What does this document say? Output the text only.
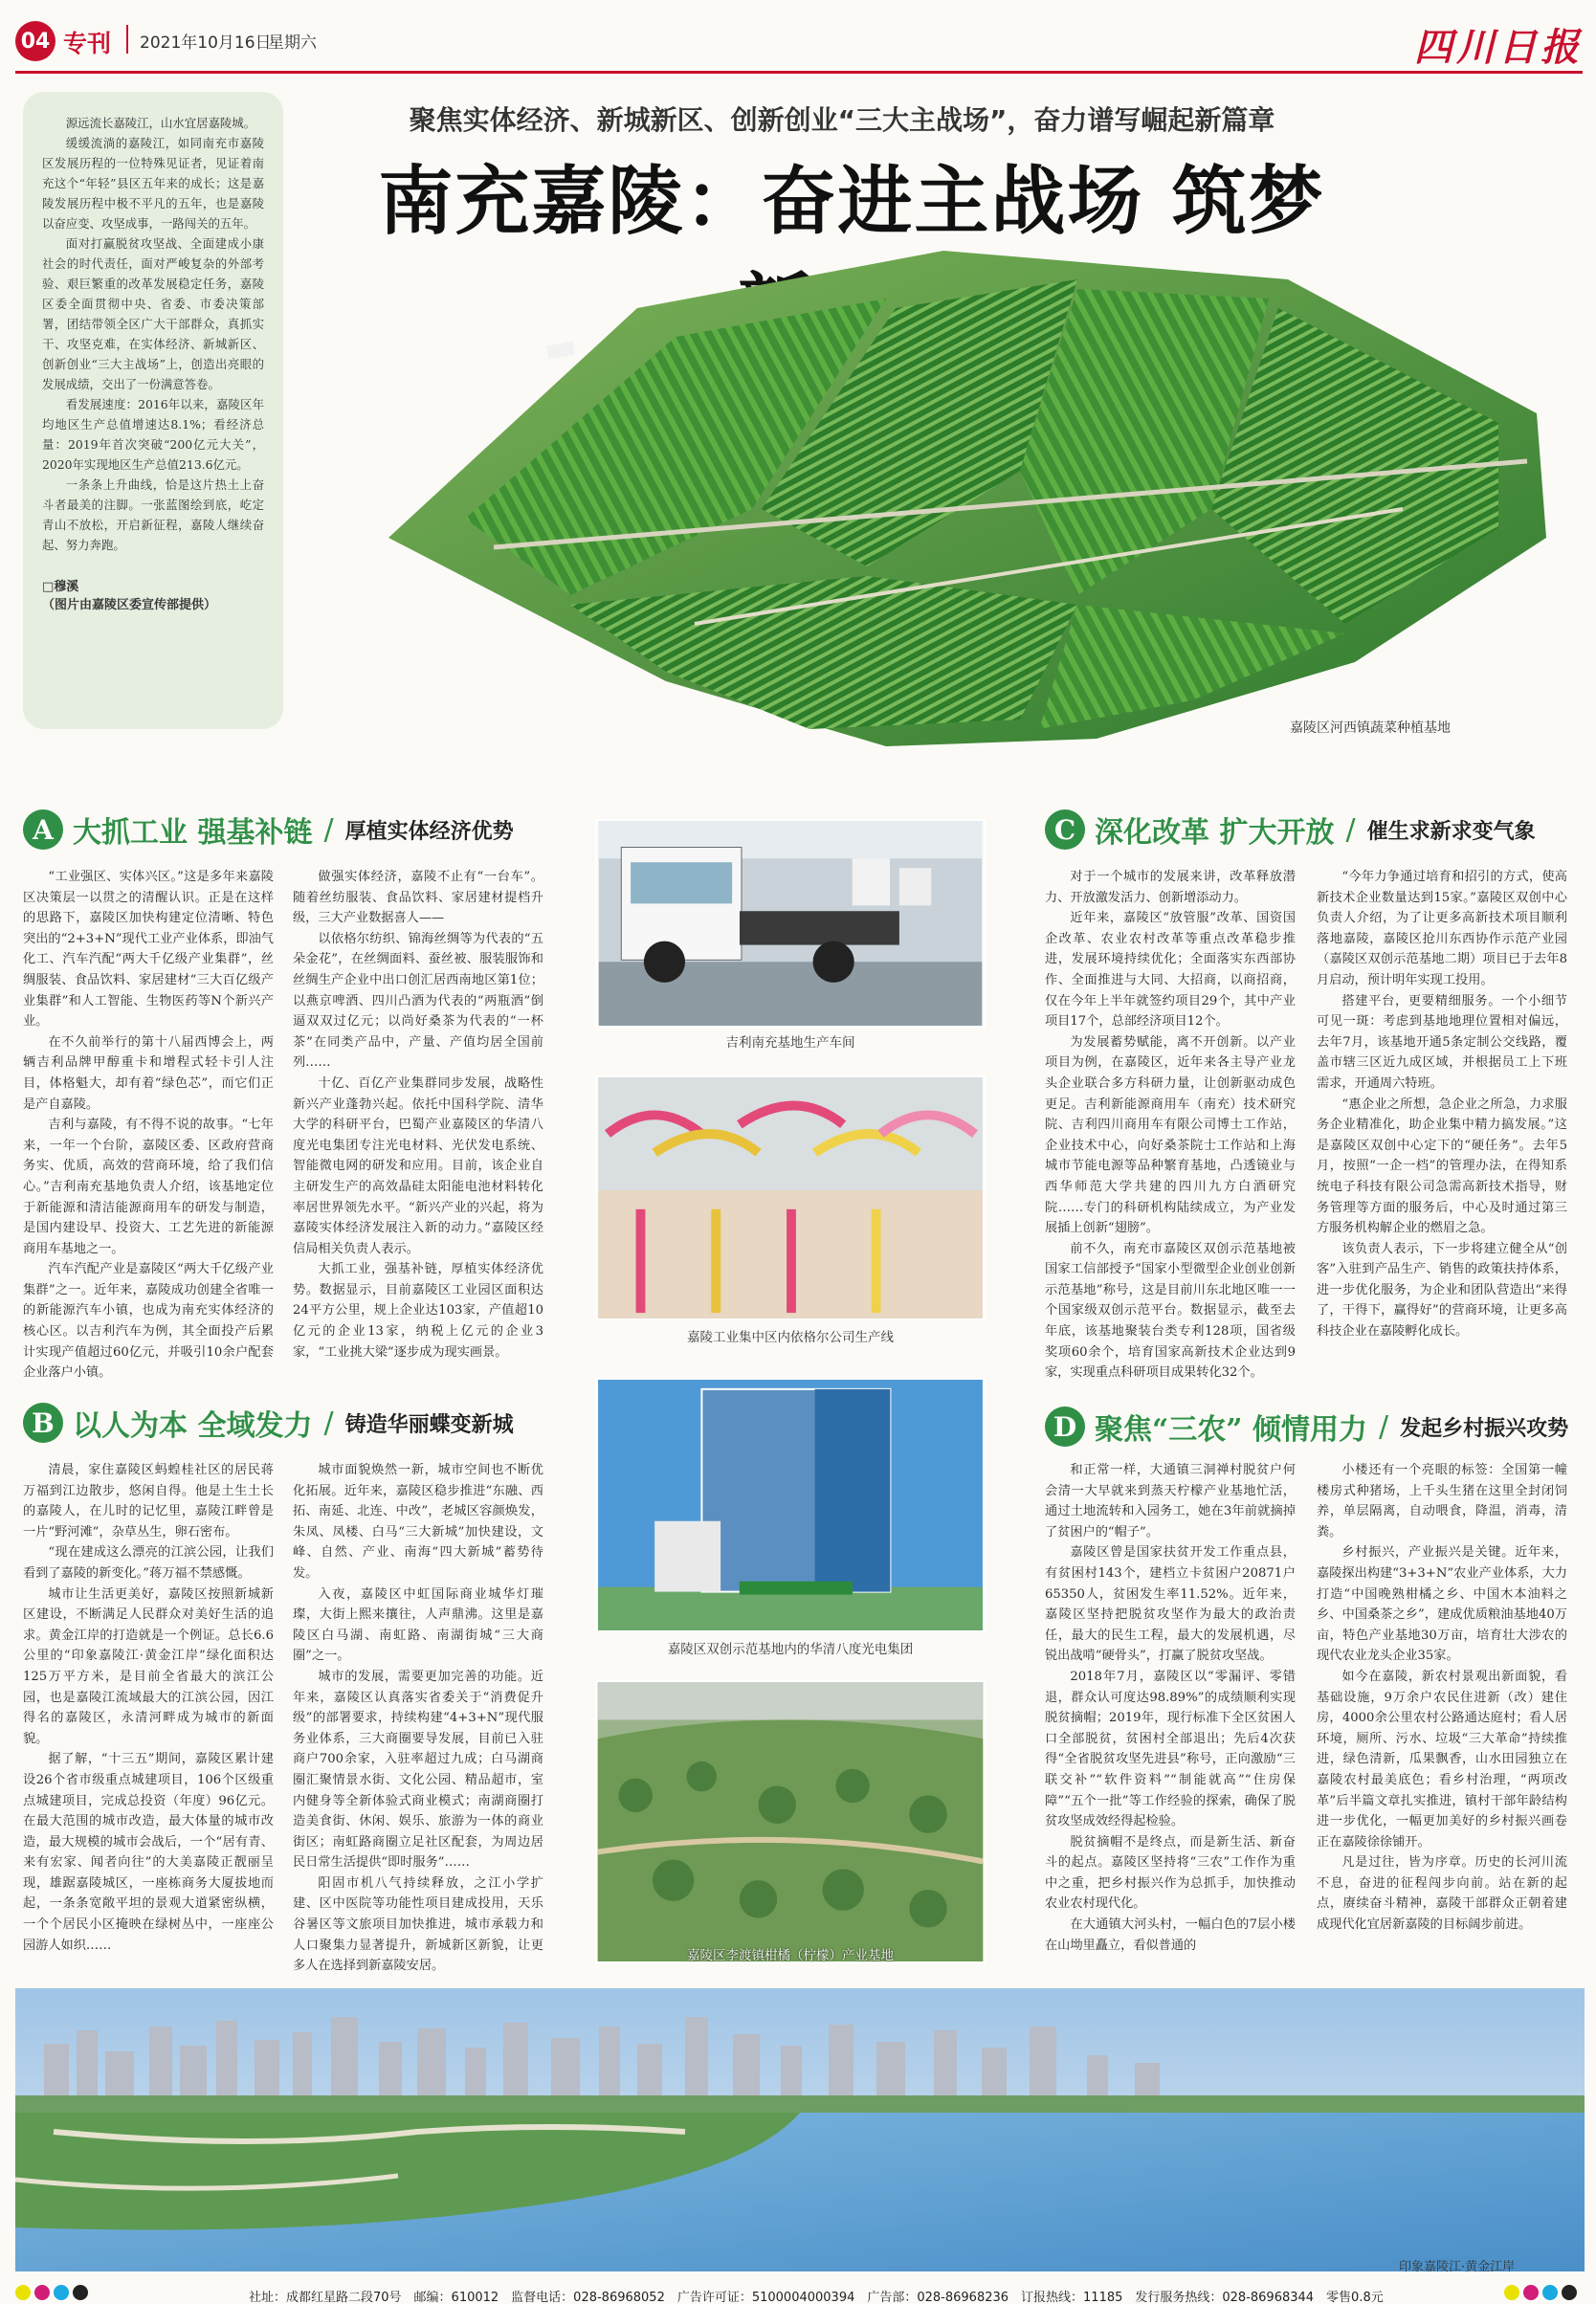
04 专刊 2021年10月16日
星期六	四川日报

源远流长嘉陵江，山水宜居嘉陵城。

缓缓流淌的嘉陵江，如同南充市嘉陵区发展历程的一位特殊见证者，见证着南充这个“年轻”县区五年来的成长；这是嘉陵发展历程中极不平凡的五年，也是嘉陵以奋应变、攻坚成事，一路闯关的五年。

面对打赢脱贫攻坚战、全面建成小康社会的时代责任，面对严峻复杂的外部考验、艰巨繁重的改革发展稳定任务，嘉陵区委全面贯彻中央、省委、市委决策部署，团结带领全区广大干部群众，真抓实干、攻坚克难，在实体经济、新城新区、创新创业“三大主战场”上，创造出亮眼的发展成绩，交出了一份满意答卷。

看发展速度：2016年以来，嘉陵区年均地区生产总值增速达8.1%；看经济总量：2019年首次突破“200亿元大关”，2020年实现地区生产总值213.6亿元。

一条条上升曲线，恰是这片热土上奋斗者最美的注脚。一张蓝图绘到底，屹定青山不放松，开启新征程，嘉陵人继续奋起、努力奔跑。

□穆溪
（图片由嘉陵区委宣传部提供）
聚焦实体经济、新城新区、创新创业“三大主战场”，奋力谱写崛起新篇章
南充嘉陵：奋进主战场 筑梦
嘉陵区河西镇蔬菜种植基地
A 大抓工业 强基补链 / 厚植实体经济优势

“工业强区、实体兴区。”这是多年来嘉陵区决策层一以贯之的清醒认识。正是在这样的思路下，嘉陵区加快构建定位清晰、特色突出的“2+3+N”现代工业产业体系，即油气化工、汽车汽配“两大千亿级产业集群”，丝绸服装、食品饮料、家居建材“三大百亿级产业集群”和人工智能、生物医药等N个新兴产业。

在不久前举行的第十八届西博会上，两辆吉利品牌甲醇重卡和增程式轻卡引人注目，体格魁大，却有着“绿色芯”，而它们正是产自嘉陵。

吉利与嘉陵，有不得不说的故事。“七年来，一年一个台阶，嘉陵区委、区政府营商务实、优质，高效的营商环境，给了我们信心。”吉利南充基地负责人介绍，该基地定位于新能源和清洁能源商用车的研发与制造，是国内建设早、投资大、工艺先进的新能源商用车基地之一。

汽车汽配产业是嘉陵区“两大千亿级产业集群”之一。近年来，嘉陵成功创建全省唯一的新能源汽车小镇，也成为南充实体经济的核心区。以吉利汽车为例，其全面投产后累计实现产值超过60亿元，并吸引10余户配套企业落户小镇。

做强实体经济，嘉陵不止有“一台车”。随着丝纺服装、食品饮料、家居建材提档升级，三大产业数据喜人——

以依格尔纺织、锦海丝绸等为代表的“五朵金花”，在丝绸面料、蚕丝被、服装服饰和丝绸生产企业中出口创汇居西南地区第1位；以燕京啤酒、四川凸酒为代表的“两瓶酒”倒逼双双过亿元；以尚好桑茶为代表的“一杯茶”在同类产品中，产量、产值均居全国前列……

十亿、百亿产业集群同步发展，战略性新兴产业蓬勃兴起。依托中国科学院、清华大学的科研平台，巴蜀产业嘉陵区的华清八度光电集团专注光电材料、光伏发电系统、智能微电网的研发和应用。目前，该企业自主研发生产的高效晶硅太阳能电池材料转化率居世界领先水平。“新兴产业的兴起，将为嘉陵实体经济发展注入新的动力。”嘉陵区经信局相关负责人表示。

大抓工业，强基补链，厚植实体经济优势。数据显示，目前嘉陵区工业园区面积达24平方公里，规上企业达103家，产值超10亿元的企业13家，纳税上亿元的企业3家，“工业挑大梁”逐步成为现实画景。

B 以人为本 全域发力 / 铸造华丽蝶变新城

清晨，家住嘉陵区蚂蝗桂社区的居民蒋万福到江边散步，悠闲自得。他是土生土长的嘉陵人，在儿时的记忆里，嘉陵江畔曾是一片“野河滩”，杂草丛生，卵石密布。

“现在建成这么漂亮的江滨公园，让我们看到了嘉陵的新变化。”蒋万福不禁感慨。

城市让生活更美好，嘉陵区按照新城新区建设，不断满足人民群众对美好生活的追求。黄金江岸的打造就是一个例证。总长6.6公里的“印象嘉陵江·黄金江岸”绿化面积达125万平方米，是目前全省最大的滨江公园，也是嘉陵江流域最大的江滨公园，因江得名的嘉陵区，永清河畔成为城市的新面貌。

据了解，“十三五”期间，嘉陵区累计建设26个省市级重点城建项目，106个区级重点城建项目，完成总投资（年度）96亿元。在最大范围的城市改造，最大体量的城市改造，最大规模的城市会战后，一个“居有青、来有宏家、闻者向往”的大美嘉陵正靓丽呈现，雄踞嘉陵城区，一座栋商务大厦拔地而起，一条条宽敞平坦的景观大道紧密纵横，一个个居民小区掩映在绿树丛中，一座座公园游人如织……

城市面貌焕然一新，城市空间也不断优化拓展。近年来，嘉陵区稳步推进“东融、西拓、南延、北连、中改”，老城区容颜焕发，朱凤、凤楼、白马“三大新城”加快建设，文峰、自然、产业、南海“四大新城”蓄势待发。

入夜，嘉陵区中虹国际商业城华灯璀璨，大街上熙来攘往，人声鼎沸。这里是嘉陵区白马湖、南虹路、南湖街城“三大商圈”之一。

城市的发展，需要更加完善的功能。近年来，嘉陵区认真落实省委关于“消费促升级”的部署要求，持续构建“4+3+N”现代服务业体系，三大商圈要导发展，目前已入驻商户700余家，入驻率超过九成；白马湖商圈汇聚情景水街、文化公园、精品超市，室内健身等全新体验式商业模式；南湖商圈打造美食街、休闲、娱乐、旅游为一体的商业街区；南虹路商圈立足社区配套，为周边居民日常生活提供“即时服务”……

阳固市机八气持续释放，之江小学扩建、区中医院等功能性项目建成投用，天乐谷暑区等文旅项目加快推进，城市承载力和人口聚集力显著提升，新城新区新貌，让更多人在选择到新嘉陵安居。

吉利南充基地生产车间
嘉陵工业集中区内依格尔公司生产线
嘉陵区双创示范基地内的华清八度光电集团
嘉陵区李渡镇柑橘（柠檬）产业基地
C 深化改革 扩大开放 / 催生求新求变气象

对于一个城市的发展来讲，改革释放潜力、开放激发活力、创新增添动力。

近年来，嘉陵区“放管服”改革、国资国企改革、农业农村改革等重点改革稳步推进，发展环境持续优化；全面落实东西部协作、全面推进与大同、大招商，以商招商，仅在今年上半年就签约项目29个，其中产业项目17个，总部经济项目12个。

为发展蓄势赋能，离不开创新。以产业项目为例，在嘉陵区，近年来各主导产业龙头企业联合多方科研力量，让创新驱动成色更足。吉利新能源商用车（南充）技术研究院、吉利四川商用车有限公司博士工作站，企业技术中心，向好桑茶院士工作站和上海城市节能电源等品种繁育基地，凸透镜业与西华师范大学共建的四川九方白酒研究院……专门的科研机构陆续成立，为产业发展插上创新“翅膀”。

前不久，南充市嘉陵区双创示范基地被国家工信部授予“国家小型微型企业创业创新示范基地”称号，这是目前川东北地区唯一一个国家级双创示范平台。数据显示，截至去年底，该基地聚装台类专利128项，国省级奖项60余个，培育国家高新技术企业达到9家，实现重点科研项目成果转化32个。

“今年力争通过培育和招引的方式，使高新技术企业数量达到15家。”嘉陵区双创中心负责人介绍，为了让更多高新技术项目顺利落地嘉陵，嘉陵区抢川东西协作示范产业园（嘉陵区双创示范基地二期）项目已于去年8月启动，预计明年实现工投用。

搭建平台，更要精细服务。一个小细节可见一斑：考虑到基地地理位置相对偏远，去年7月，该基地开通5条定制公交线路，覆盖市辖三区近九成区域，并根据员工上下班需求，开通周六特班。

“惠企业之所想，急企业之所急，力求服务企业精准化，助企业集中精力搞发展。”这是嘉陵区双创中心定下的“硬任务”。去年5月，按照“一企一档”的管理办法，在得知系统电子科技有限公司急需高新技术指导，财务管理等方面的服务后，中心及时通过第三方服务机构解企业的燃眉之急。

该负责人表示，下一步将建立健全从“创客”入驻到产品生产、销售的政策扶持体系，进一步优化服务，为企业和团队营造出“来得了，干得下，赢得好”的营商环境，让更多高科技企业在嘉陵孵化成长。

D 聚焦“三农” 倾情用力 / 发起乡村振兴攻势

和正常一样，大通镇三洞禅村脱贫户何会清一大早就来到蒸天柠檬产业基地忙活，通过土地流转和入园务工，她在3年前就摘掉了贫困户的“帽子”。

嘉陵区曾是国家扶贫开发工作重点县，有贫困村143个，建档立卡贫困户20871户65350人，贫困发生率11.52%。近年来，嘉陵区坚持把脱贫攻坚作为最大的政治责任，最大的民生工程，最大的发展机遇，尽锐出战啃“硬骨头”，打赢了脱贫攻坚战。

2018年7月，嘉陵区以“零漏评、零错退，群众认可度达98.89%”的成绩顺利实现脱贫摘帽；2019年，现行标准下全区贫困人口全部脱贫，贫困村全部退出；先后4次获得“全省脱贫攻坚先进县”称号，正向激励“三联交补”“软件资料”“制能就高”“住房保障”“五个一批”等工作经验的探索，确保了脱贫攻坚成效经得起检验。

脱贫摘帽不是终点，而是新生活、新奋斗的起点。嘉陵区坚持将“三农”工作作为重中之重，把乡村振兴作为总抓手，加快推动农业农村现代化。

在大通镇大河头村，一幅白色的7层小楼在山坳里矗立，看似普通的

小楼还有一个亮眼的标签：全国第一幢楼房式种猪场，上千头生猪在这里全封闭饲养，单层隔离，自动喂食，降温，消毒，清粪。

乡村振兴，产业振兴是关键。近年来，嘉陵探出构建“3+3+N”农业产业体系，大力打造“中国晚熟柑橘之乡、中国木本油料之乡、中国桑茶之乡”，建成优质粮油基地40万亩，特色产业基地30万亩，培育壮大涉农的现代农业龙头企业35家。

如今在嘉陵，新农村景观出新面貌，看基础设施，9万余户农民住进新（改）建住房，4000余公里农村公路通达庭村；看人居环境，厕所、污水、垃圾“三大革命”持续推进，绿色清新，瓜果飘香，山水田园独立在嘉陵农村最美底色；看乡村治理，“两项改革”后半篇文章扎实推进，镇村干部年龄结构进一步优化，一幅更加美好的乡村振兴画卷正在嘉陵徐徐铺开。

凡是过往，皆为序章。历史的长河川流不息，奋进的征程闯步向前。站在新的起点，赓续奋斗精神，嘉陵干部群众正朝着建成现代化宜居新嘉陵的目标阔步前进。

印象嘉陵江·黄金江岸
社址：成都红星路二段70号　邮编：610012　监督电话：028-86968052　广告许可证：5100004000394　广告部：028-86968236　订报热线：11185　发行服务热线：028-86968344　零售0.8元
